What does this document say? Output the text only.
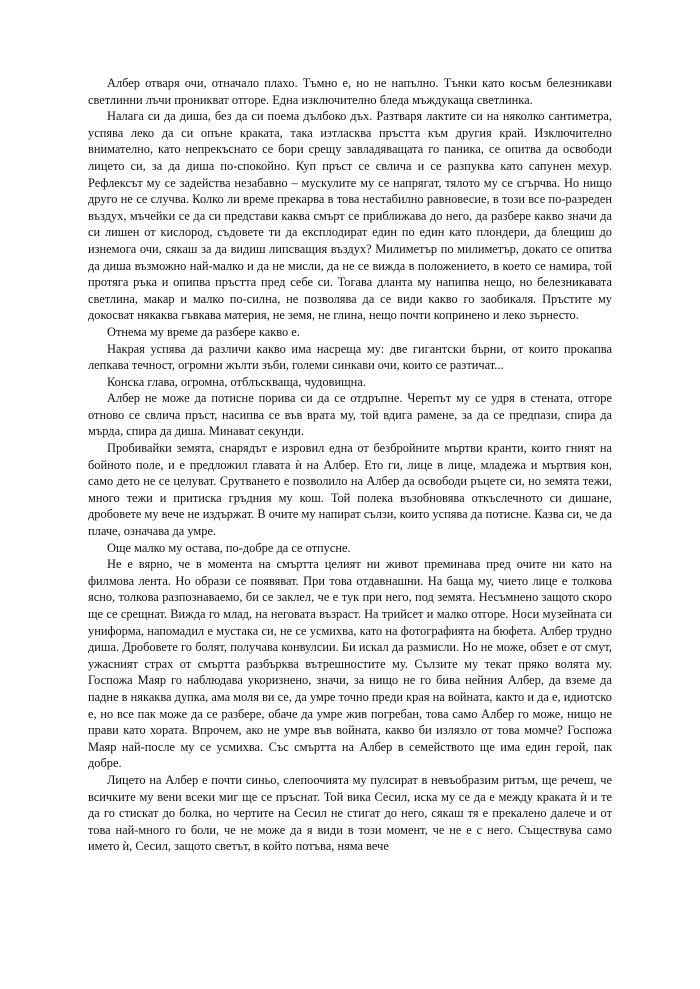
Албер отваря очи, отначало плахо. Тъмно е, но не напълно. Тънки като косъм белезникави светлинни лъчи проникват отгоре. Една изключително бледа мъждукаща светлинка.

Налага си да диша, без да си поема дълбоко дъх. Разтваря лактите си на няколко сантиметра, успява леко да си опъне краката, така изтласква пръстта към другия край. Изключително внимателно, като непрекъснато се бори срещу завладяващата го паника, се опитва да освободи лицето си, за да диша по-спокойно. Куп пръст се свлича и се разпуква като сапунен мехур. Рефлексът му се задейства незабавно – мускулите му се напрягат, тялото му се сгърчва. Но нищо друго не се случва. Колко ли време прекарва в това нестабилно равновесие, в този все по-разреден въздух, мъчейки се да си представи каква смърт се приближава до него, да разбере какво значи да си лишен от кислород, съдовете ти да експлодират един по един като плондери, да блещиш до изнемога очи, сякаш за да видиш липсващия въздух? Милиметър по милиметър, докато се опитва да диша възможно най-малко и да не мисли, да не се вижда в положението, в което се намира, той протяга ръка и опипва пръстта пред себе си. Тогава дланта му напипва нещо, но белезникавата светлина, макар и малко по-силна, не позволява да се види какво го заобикаля. Пръстите му докосват някаква гъвкава материя, не земя, не глина, нещо почти копринено и леко зърнесто.

Отнема му време да разбере какво е.

Накрая успява да различи какво има насреща му: две гигантски бърни, от които прокапва лепкава течност, огромни жълти зъби, големи синкави очи, които се разтичат...

Конска глава, огромна, отблъскваща, чудовищна.

Албер не може да потисне порива си да се отдръпне. Черепът му се удря в стената, отгоре отново се свлича пръст, насипва се във врата му, той вдига рамене, за да се предпази, спира да мърда, спира да диша. Минават секунди.

Пробивайки земята, снарядът е изровил една от безбройните мъртви кранти, които гният на бойното поле, и е предложил главата ѝ на Албер. Ето ги, лице в лице, младежа и мъртвия кон, само дето не се целуват. Срутването е позволило на Албер да освободи ръцете си, но земята тежи, много тежи и притиска гръдния му кош. Той полека възобновява откъслечното си дишане, дробовете му вече не издържат. В очите му напират сълзи, които успява да потисне. Казва си, че да плаче, означава да умре.

Още малко му остава, по-добре да се отпусне.

Не е вярно, че в момента на смъртта целият ни живот преминава пред очите ни като на филмова лента. Но образи се появяват. При това отдавнашни. На баща му, чието лице е толкова ясно, толкова разпознаваемо, би се заклел, че е тук при него, под земята. Несъмнено защото скоро ще се срещнат. Вижда го млад, на неговата възраст. На трийсет и малко отгоре. Носи музейната си униформа, напомадил е мустака си, не се усмихва, като на фотографията на бюфета. Албер трудно диша. Дробовете го болят, получава конвулсии. Би искал да размисли. Но не може, обзет е от смут, ужасният страх от смъртта разбърква вътрешностите му. Сълзите му текат пряко волята му. Госпожа Маяр го наблюдава укоризнено, значи, за нищо не го бива нейния Албер, да вземе да падне в някаква дупка, ама моля ви се, да умре точно преди края на войната, както и да е, идиотско е, но все пак може да се разбере, обаче да умре жив погребан, това само Албер го може, нищо не прави като хората. Впрочем, ако не умре във войната, какво би излязло от това момче? Госпожа Маяр най-после му се усмихва. Със смъртта на Албер в семейството ще има един герой, пак добре.

Лицето на Албер е почти синьо, слепоочията му пулсират в невъобразим ритъм, ще речеш, че всичките му вени всеки миг ще се пръснат. Той вика Сесил, иска му се да е между краката ѝ и те да го стискат до болка, но чертите на Сесил не стигат до него, сякаш тя е прекалено далече и от това най-много го боли, че не може да я види в този момент, че не е с него. Съществува само името ѝ, Сесил, защото светът, в който потъва, няма вече
